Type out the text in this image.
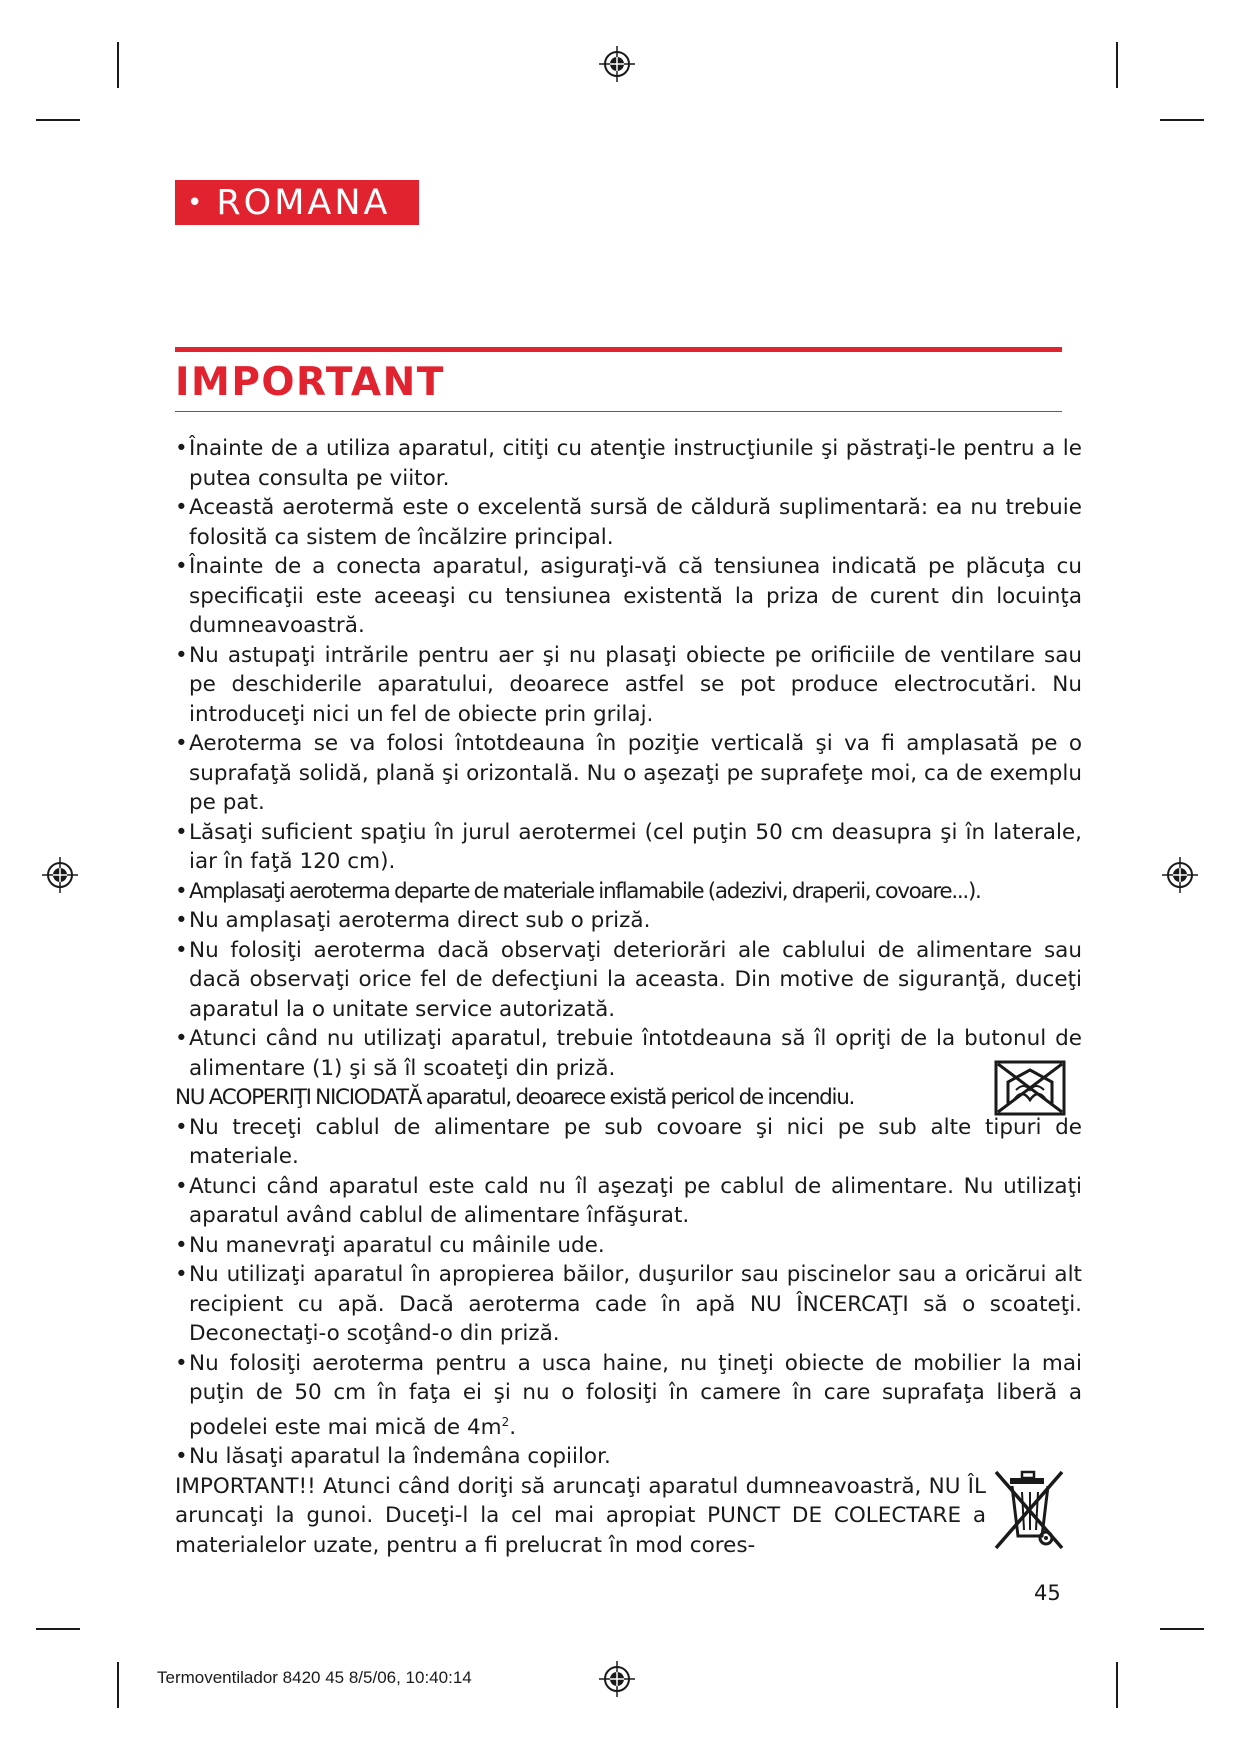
• ROMANA
IMPORTANT
• Înainte de a utiliza aparatul, citiţi cu atenţie instrucţiunile şi păstraţi-le pentru a le putea consulta pe viitor.
• Această aerotermă este o excelentă sursă de căldură suplimentară: ea nu trebuie folosită ca sistem de încălzire principal.
• Înainte de a conecta aparatul, asiguraţi-vă că tensiunea indicată pe plăcuţa cu specificaţii este aceeaşi cu tensiunea existentă la priza de curent din locuinţa dumneavoastră.
• Nu astupaţi intrările pentru aer şi nu plasaţi obiecte pe orificiile de ventilare sau pe deschiderile aparatului, deoarece astfel se pot produce electrocutări. Nu introduceţi nici un fel de obiecte prin grilaj.
• Aeroterma se va folosi întotdeauna în poziţie verticală şi va fi amplasată pe o suprafaţă solidă, plană şi orizontală. Nu o aşezaţi pe suprafeţe moi, ca de exemplu pe pat.
• Lăsaţi suficient spaţiu în jurul aerotermei (cel puţin 50 cm deasupra şi în laterale, iar în faţă 120 cm).
• Amplasaţi aeroterma departe de materiale inflamabile (adezivi, draperii, covoare...).
• Nu amplasaţi aeroterma direct sub o priză.
• Nu folosiţi aeroterma dacă observaţi deteriorări ale cablului de alimentare sau dacă observaţi orice fel de defecţiuni la aceasta. Din motive de siguranţă, duceţi aparatul la o unitate service autorizată.
• Atunci când nu utilizaţi aparatul, trebuie întotdeauna să îl opriţi de la butonul de alimentare (1) şi să îl scoateţi din priză.
NU ACOPERIŢI NICIODATĂ aparatul, deoarece există pericol de incendiu.
• Nu treceţi cablul de alimentare pe sub covoare şi nici pe sub alte tipuri de materiale.
• Atunci când aparatul este cald nu îl aşezaţi pe cablul de alimentare. Nu utilizaţi aparatul având cablul de alimentare înfăşurat.
• Nu manevraţi aparatul cu mâinile ude.
• Nu utilizaţi aparatul în apropierea băilor, duşurilor sau piscinelor sau a oricărui alt recipient cu apă. Dacă aeroterma cade în apă NU ÎNCERCAŢI să o scoateţi. Deconectaţi-o scoţând-o din priză.
• Nu folosiţi aeroterma pentru a usca haine, nu ţineţi obiecte de mobilier la mai puţin de 50 cm în faţa ei şi nu o folosiţi în camere în care suprafaţa liberă a podelei este mai mică de $4m^2$.
• Nu lăsaţi aparatul la îndemâna copiilor.
IMPORTANT!! Atunci când doriţi să aruncaţi aparatul dumneavoastră, NU ÎL aruncaţi la gunoi. Duceţi-l la cel mai apropiat PUNCT DE COLECTARE a materialelor uzate, pentru a fi prelucrat în mod cores-
45
Termoventilador 8420 45 8/5/06, 10:40:14
